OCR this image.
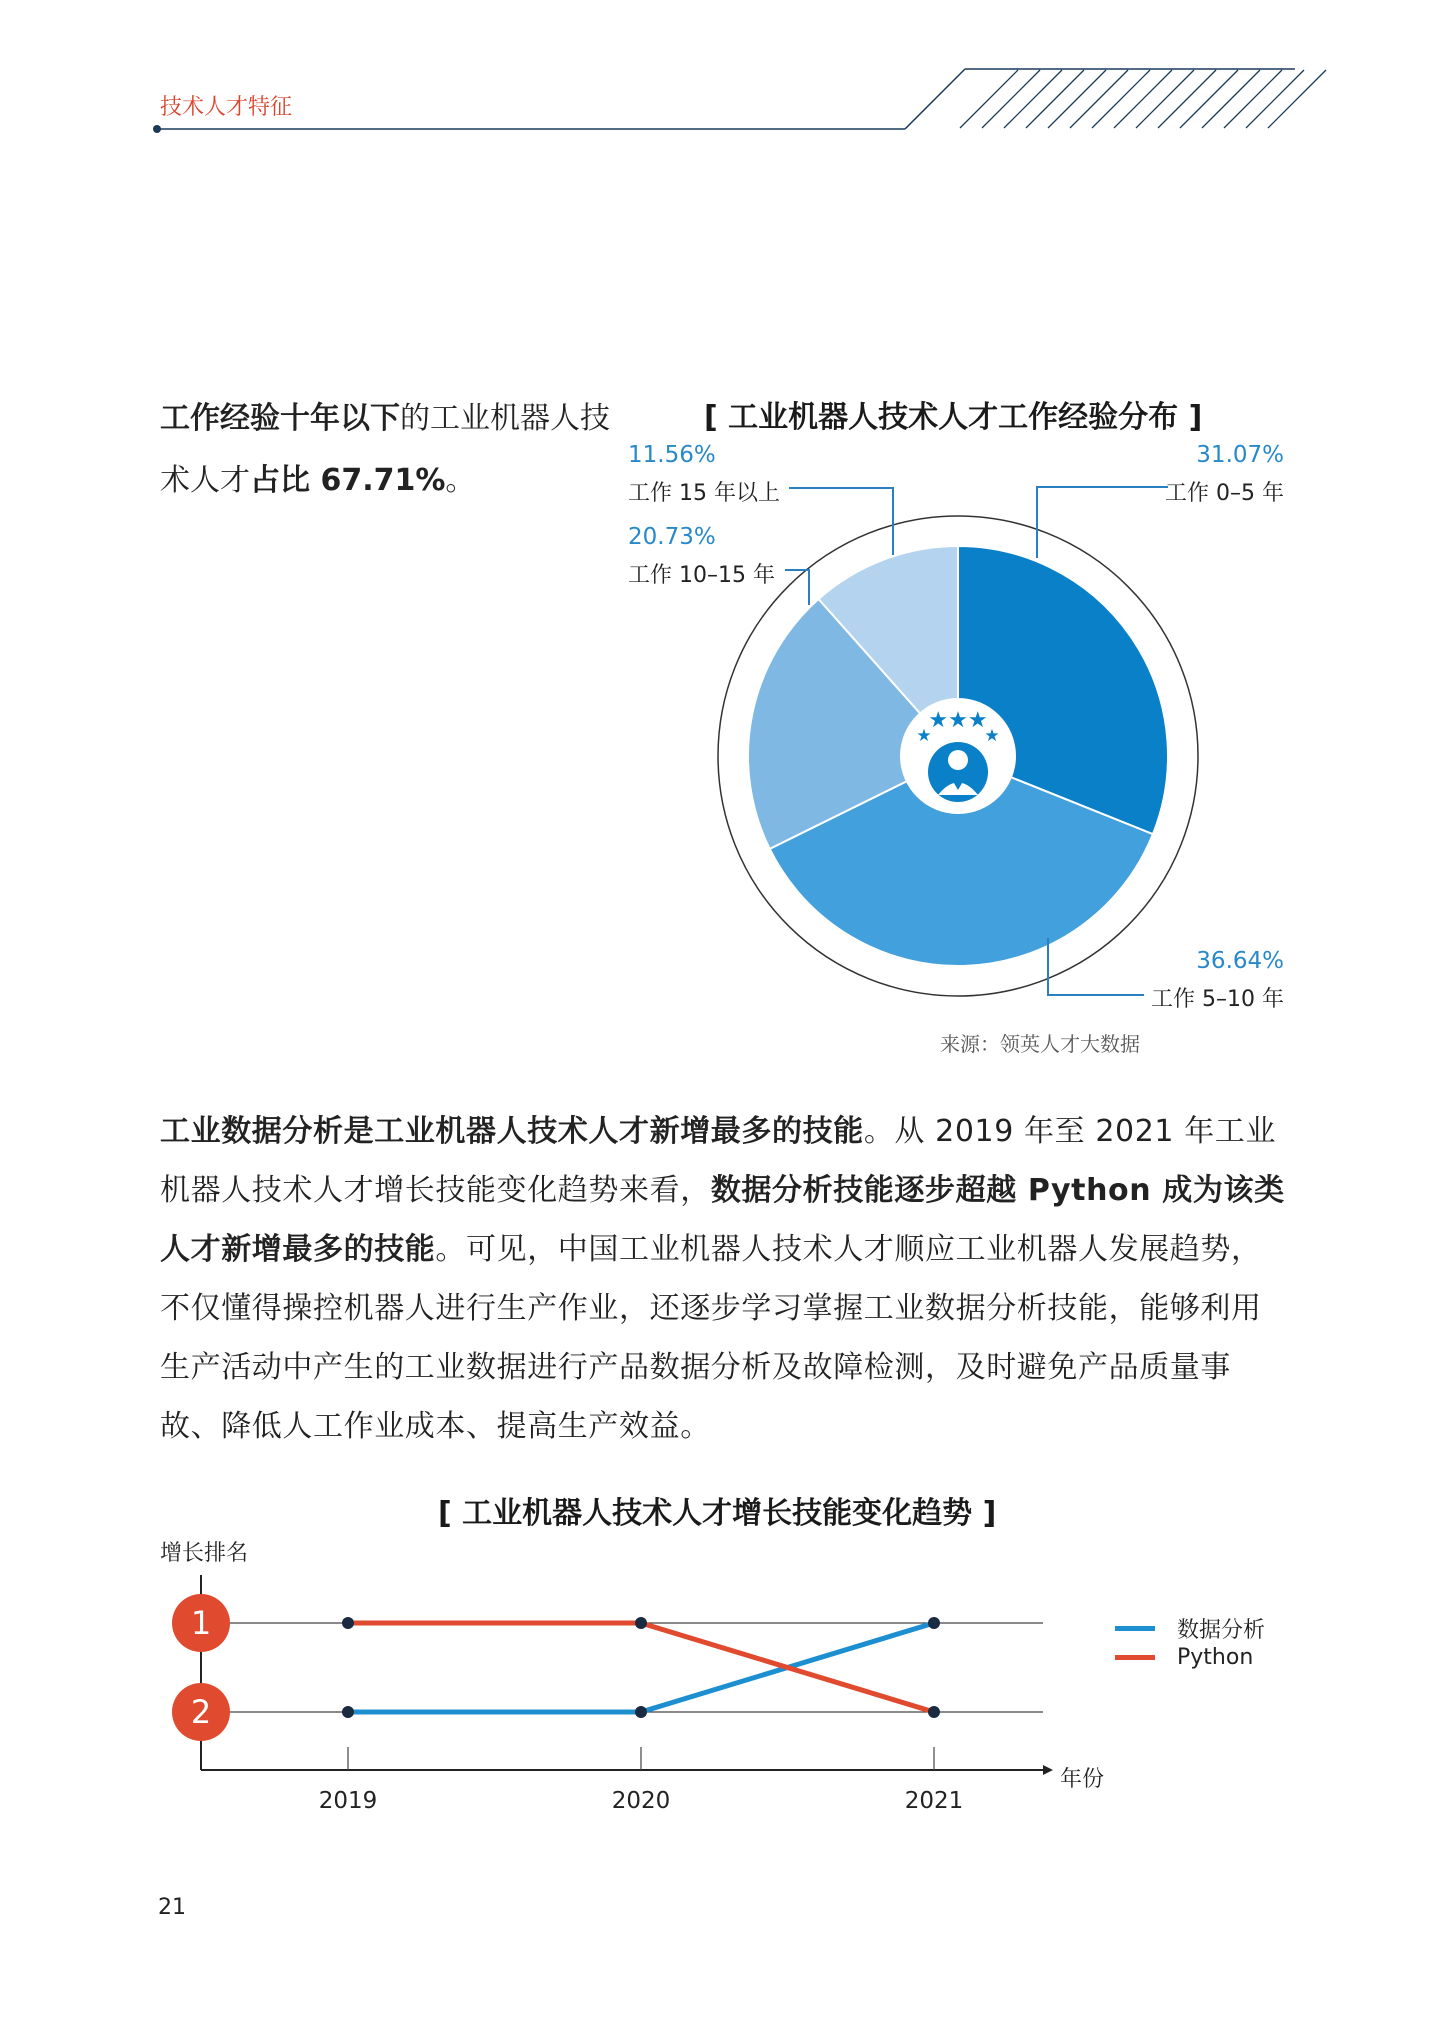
技术人才特征
工作经验十年以下的工业机器人技术人才占比 67.71%。
[ 工业机器人技术人才工作经验分布 ]
★★★
★	★
11.56%
工作 15 年以上
20.73%
工作 10–15 年
31.07%
工作 0–5 年
36.64%
工作 5–10 年
来源：领英人才大数据
工业数据分析是工业机器人技术人才新增最多的技能。从 2019 年至 2021 年工业机器人技术人才增长技能变化趋势来看，数据分析技能逐步超越 Python 成为该类人才新增最多的技能。可见，中国工业机器人技术人才顺应工业机器人发展趋势，不仅懂得操控机器人进行生产作业，还逐步学习掌握工业数据分析技能，能够利用生产活动中产生的工业数据进行产品数据分析及故障检测，及时避免产品质量事故、降低人工作业成本、提高生产效益。
[ 工业机器人技术人才增长技能变化趋势 ]
增长排名
年份
1
2
2019	2020	2021
数据分析
Python
21
